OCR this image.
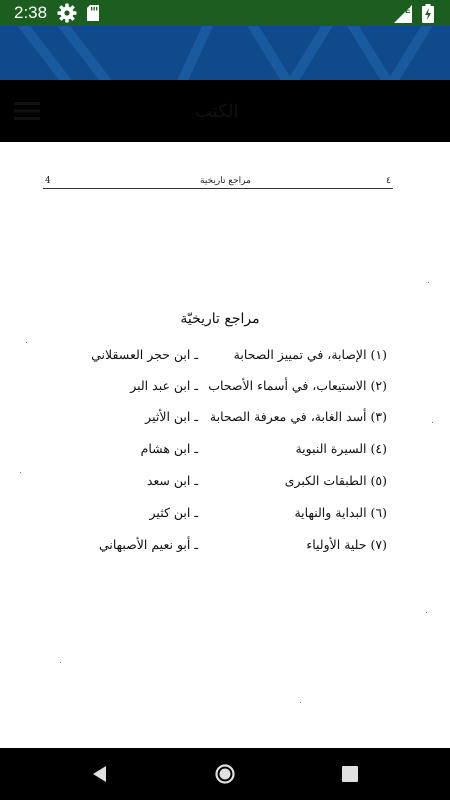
2:38	LTE
الكتب
4	مراجع تاريخية	٤
مراجع تاريخيّة
(١) الإصابة، في تمييز الصحابة
ـ ابن حجر العسقلاني
(٢) الاستيعاب، في أسماء الأصحاب
ـ ابن عبد البر
(٣) أسد الغابة، في معرفة الصحابة
ـ ابن الأثير
(٤) السيرة النبوية
ـ ابن هشام
(٥) الطبقات الكبرى
ـ ابن سعد
(٦) البداية والنهاية
ـ ابن كثير
(٧) حلية الأولياء
ـ أبو نعيم الأصبهاني
